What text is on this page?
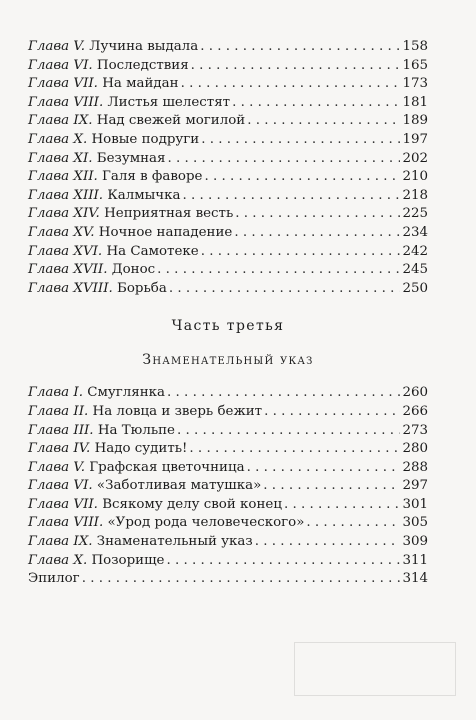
Глава V. Лучина выдала . . .	158
Глава VI. Последствия . . .	165
Глава VII. На майдан . . .	173
Глава VIII. Листья шелестят . . .	181
Глава IX. Над свежей могилой . . .	189
Глава X. Новые подруги . . .	197
Глава XI. Безумная . . .	202
Глава XII. Галя в фаворе . . .	210
Глава XIII. Калмычка . . .	218
Глава XIV. Неприятная весть . . .	225
Глава XV. Ночное нападение . . .	234
Глава XVI. На Самотеке . . .	242
Глава XVII. Донос . . .	245
Глава XVIII. Борьба . . .	250
Часть третья
Знаменательный указ
Глава I. Смуглянка . . .	260
Глава II. На ловца и зверь бежит . . .	266
Глава III. На Тюльпе . . .	273
Глава IV. Надо судить! . . .	280
Глава V. Графская цветочница . . .	288
Глава VI. «Заботливая матушка» . . .	297
Глава VII. Всякому делу свой конец . . .	301
Глава VIII. «Урод рода человеческого» . . .	305
Глава IX. Знаменательный указ . . .	309
Глава X. Позорище . . .	311
Эпилог . . .	314
